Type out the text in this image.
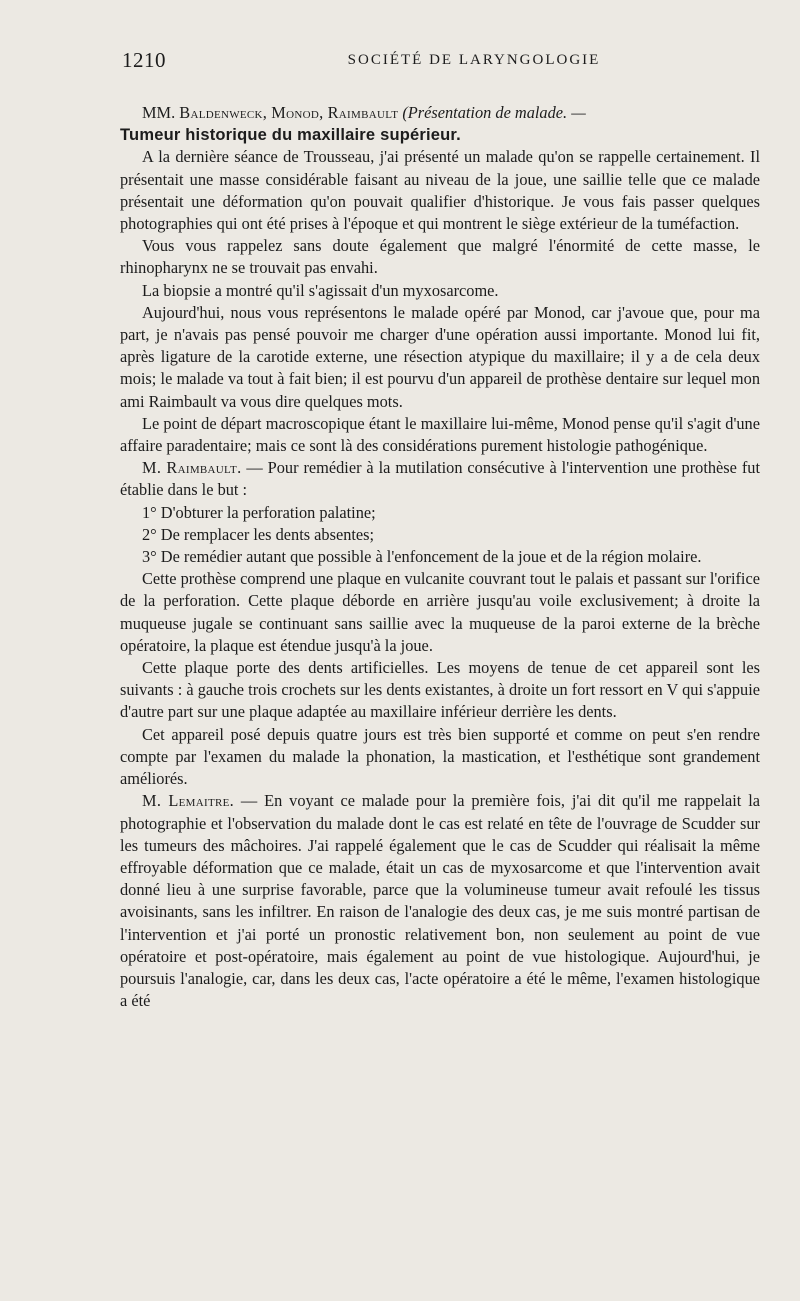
1210	SOCIÉTÉ DE LARYNGOLOGIE

MM. Baldenweck, Monod, Raimbault (Présentation de malade. —
Tumeur historique du maxillaire supérieur.

A la dernière séance de Trousseau, j'ai présenté un malade qu'on se rappelle certainement. Il présentait une masse considérable faisant au niveau de la joue, une saillie telle que ce malade présentait une déformation qu'on pouvait qualifier d'historique. Je vous fais passer quelques photographies qui ont été prises à l'époque et qui montrent le siège extérieur de la tuméfaction.

Vous vous rappelez sans doute également que malgré l'énormité de cette masse, le rhinopharynx ne se trouvait pas envahi.

La biopsie a montré qu'il s'agissait d'un myxosarcome.

Aujourd'hui, nous vous représentons le malade opéré par Monod, car j'avoue que, pour ma part, je n'avais pas pensé pouvoir me charger d'une opération aussi importante. Monod lui fit, après ligature de la carotide externe, une résection atypique du maxillaire; il y a de cela deux mois; le malade va tout à fait bien; il est pourvu d'un appareil de prothèse dentaire sur lequel mon ami Raimbault va vous dire quelques mots.

Le point de départ macroscopique étant le maxillaire lui-même, Monod pense qu'il s'agit d'une affaire paradentaire; mais ce sont là des considérations purement histologie pathogénique.

M. Raimbault. — Pour remédier à la mutilation consécutive à l'intervention une prothèse fut établie dans le but :

1° D'obturer la perforation palatine;

2° De remplacer les dents absentes;

3° De remédier autant que possible à l'enfoncement de la joue et de la région molaire.

Cette prothèse comprend une plaque en vulcanite couvrant tout le palais et passant sur l'orifice de la perforation. Cette plaque déborde en arrière jusqu'au voile exclusivement; à droite la muqueuse jugale se continuant sans saillie avec la muqueuse de la paroi externe de la brèche opératoire, la plaque est étendue jusqu'à la joue.

Cette plaque porte des dents artificielles. Les moyens de tenue de cet appareil sont les suivants : à gauche trois crochets sur les dents existantes, à droite un fort ressort en V qui s'appuie d'autre part sur une plaque adaptée au maxillaire inférieur derrière les dents.

Cet appareil posé depuis quatre jours est très bien supporté et comme on peut s'en rendre compte par l'examen du malade la phonation, la mastication, et l'esthétique sont grandement améliorés.

M. Lemaitre. — En voyant ce malade pour la première fois, j'ai dit qu'il me rappelait la photographie et l'observation du malade dont le cas est relaté en tête de l'ouvrage de Scudder sur les tumeurs des mâchoires. J'ai rappelé également que le cas de Scudder qui réalisait la même effroyable déformation que ce malade, était un cas de myxosarcome et que l'intervention avait donné lieu à une surprise favorable, parce que la volumineuse tumeur avait refoulé les tissus avoisinants, sans les infiltrer. En raison de l'analogie des deux cas, je me suis montré partisan de l'intervention et j'ai porté un pronostic relativement bon, non seulement au point de vue opératoire et post-opératoire, mais également au point de vue histologique. Aujourd'hui, je poursuis l'analogie, car, dans les deux cas, l'acte opératoire a été le même, l'examen histologique a été
